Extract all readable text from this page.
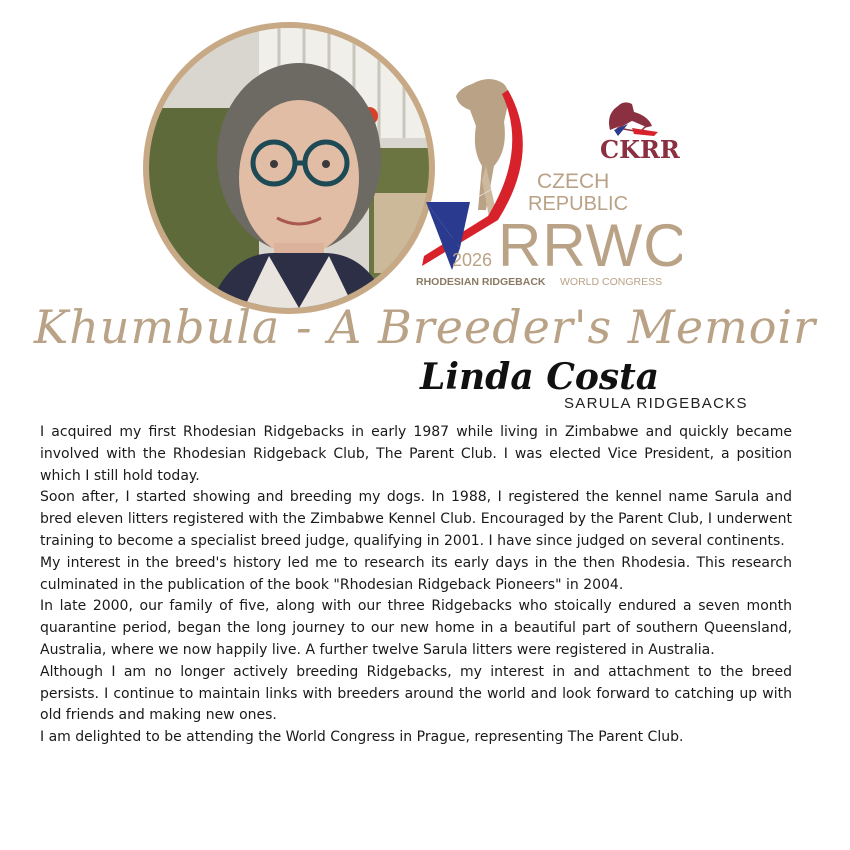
CZECH
REPUBLIC
RRWC
2026
RHODESIAN RIDGEBACK WORLD CONGRESS
CKRR
Khumbula - A Breeder's Memoir
Linda Costa
SARULA RIDGEBACKS

I acquired my first Rhodesian Ridgebacks in early 1987 while living in Zimbabwe and quickly became involved with the Rhodesian Ridgeback Club, The Parent Club. I was elected Vice President, a position which I still hold today.

Soon after, I started showing and breeding my dogs. In 1988, I registered the kennel name Sarula and bred eleven litters registered with the Zimbabwe Kennel Club. Encouraged by the Parent Club, I underwent training to become a specialist breed judge, qualifying in 2001. I have since judged on several continents.

My interest in the breed's history led me to research its early days in the then Rhodesia. This research culminated in the publication of the book "Rhodesian Ridgeback Pioneers" in 2004.

In late 2000, our family of five, along with our three Ridgebacks who stoically endured a seven month quarantine period, began the long journey to our new home in a beautiful part of southern Queensland, Australia, where we now happily live. A further twelve Sarula litters were registered in Australia.

Although I am no longer actively breeding Ridgebacks, my interest in and attachment to the breed persists. I continue to maintain links with breeders around the world and look forward to catching up with old friends and making new ones.

I am delighted to be attending the World Congress in Prague, representing The Parent Club.
